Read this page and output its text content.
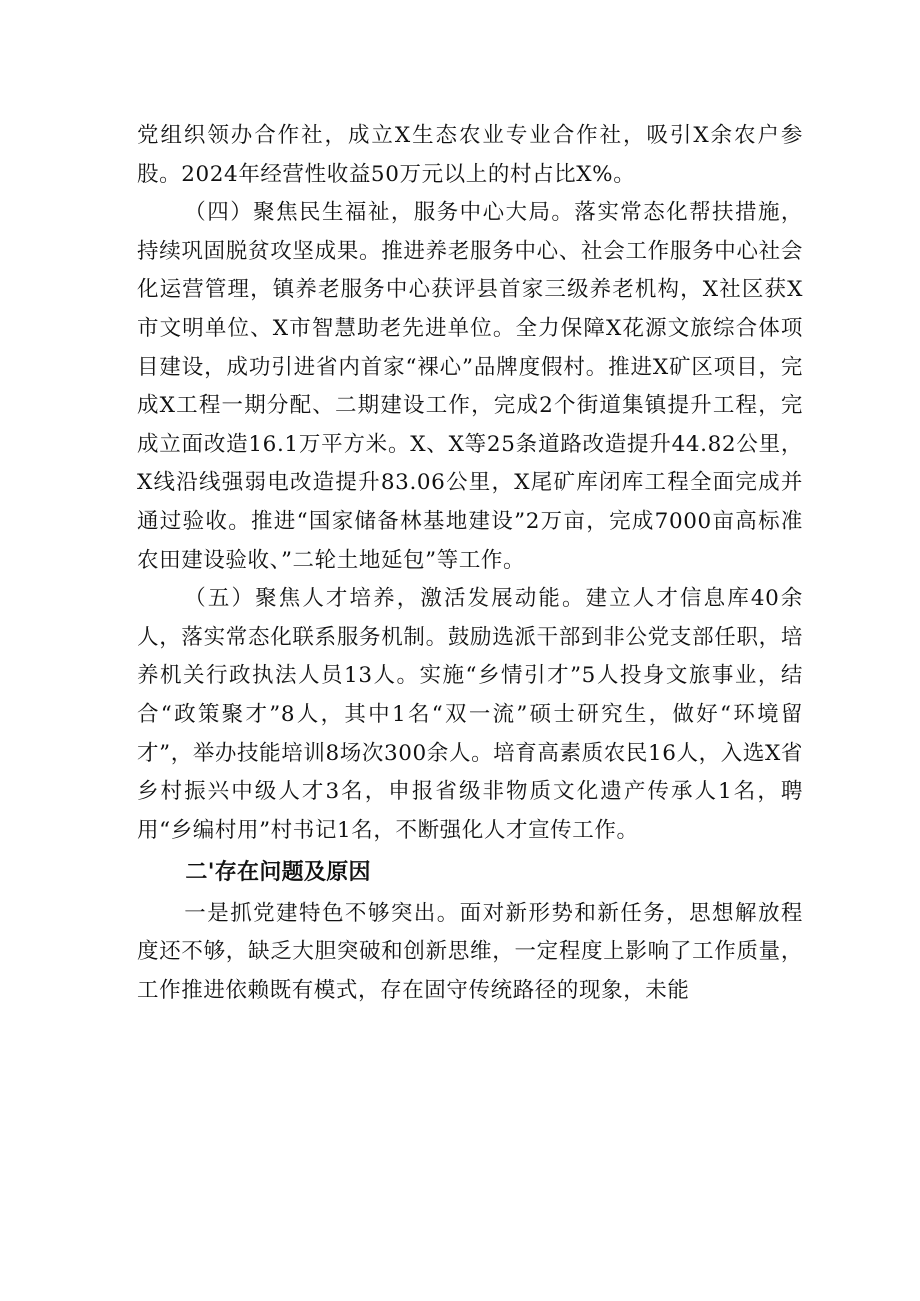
党组织领办合作社，成立X生态农业专业合作社，吸引X余农户参股。2024年经营性收益50万元以上的村占比X%。

（四）聚焦民生福祉，服务中心大局。落实常态化帮扶措施，持续巩固脱贫攻坚成果。推进养老服务中心、社会工作服务中心社会化运营管理，镇养老服务中心获评县首家三级养老机构，X社区获X市文明单位、X市智慧助老先进单位。全力保障X花源文旅综合体项目建设，成功引进省内首家“裸心”品牌度假村。推进X矿区项目，完成X工程一期分配、二期建设工作，完成2个街道集镇提升工程，完成立面改造16.1万平方米。X、X等25条道路改造提升44.82公里，X线沿线强弱电改造提升83.06公里，X尾矿库闭库工程全面完成并通过验收。推进“国家储备林基地建设”2万亩，完成7000亩高标准农田建设验收、”二轮土地延包”等工作。

（五）聚焦人才培养，激活发展动能。建立人才信息库40余人，落实常态化联系服务机制。鼓励选派干部到非公党支部任职，培养机关行政执法人员13人。实施“乡情引才”5人投身文旅事业，结合“政策聚才”8人，其中1名“双一流”硕士研究生，做好“环境留才”，举办技能培训8场次300余人。培育高素质农民16人，入选X省乡村振兴中级人才3名，申报省级非物质文化遗产传承人1名，聘用“乡编村用”村书记1名，不断强化人才宣传工作。

二'存在问题及原因

一是抓党建特色不够突出。面对新形势和新任务，思想解放程度还不够，缺乏大胆突破和创新思维，一定程度上影响了工作质量，工作推进依赖既有模式，存在固守传统路径的现象，未能
